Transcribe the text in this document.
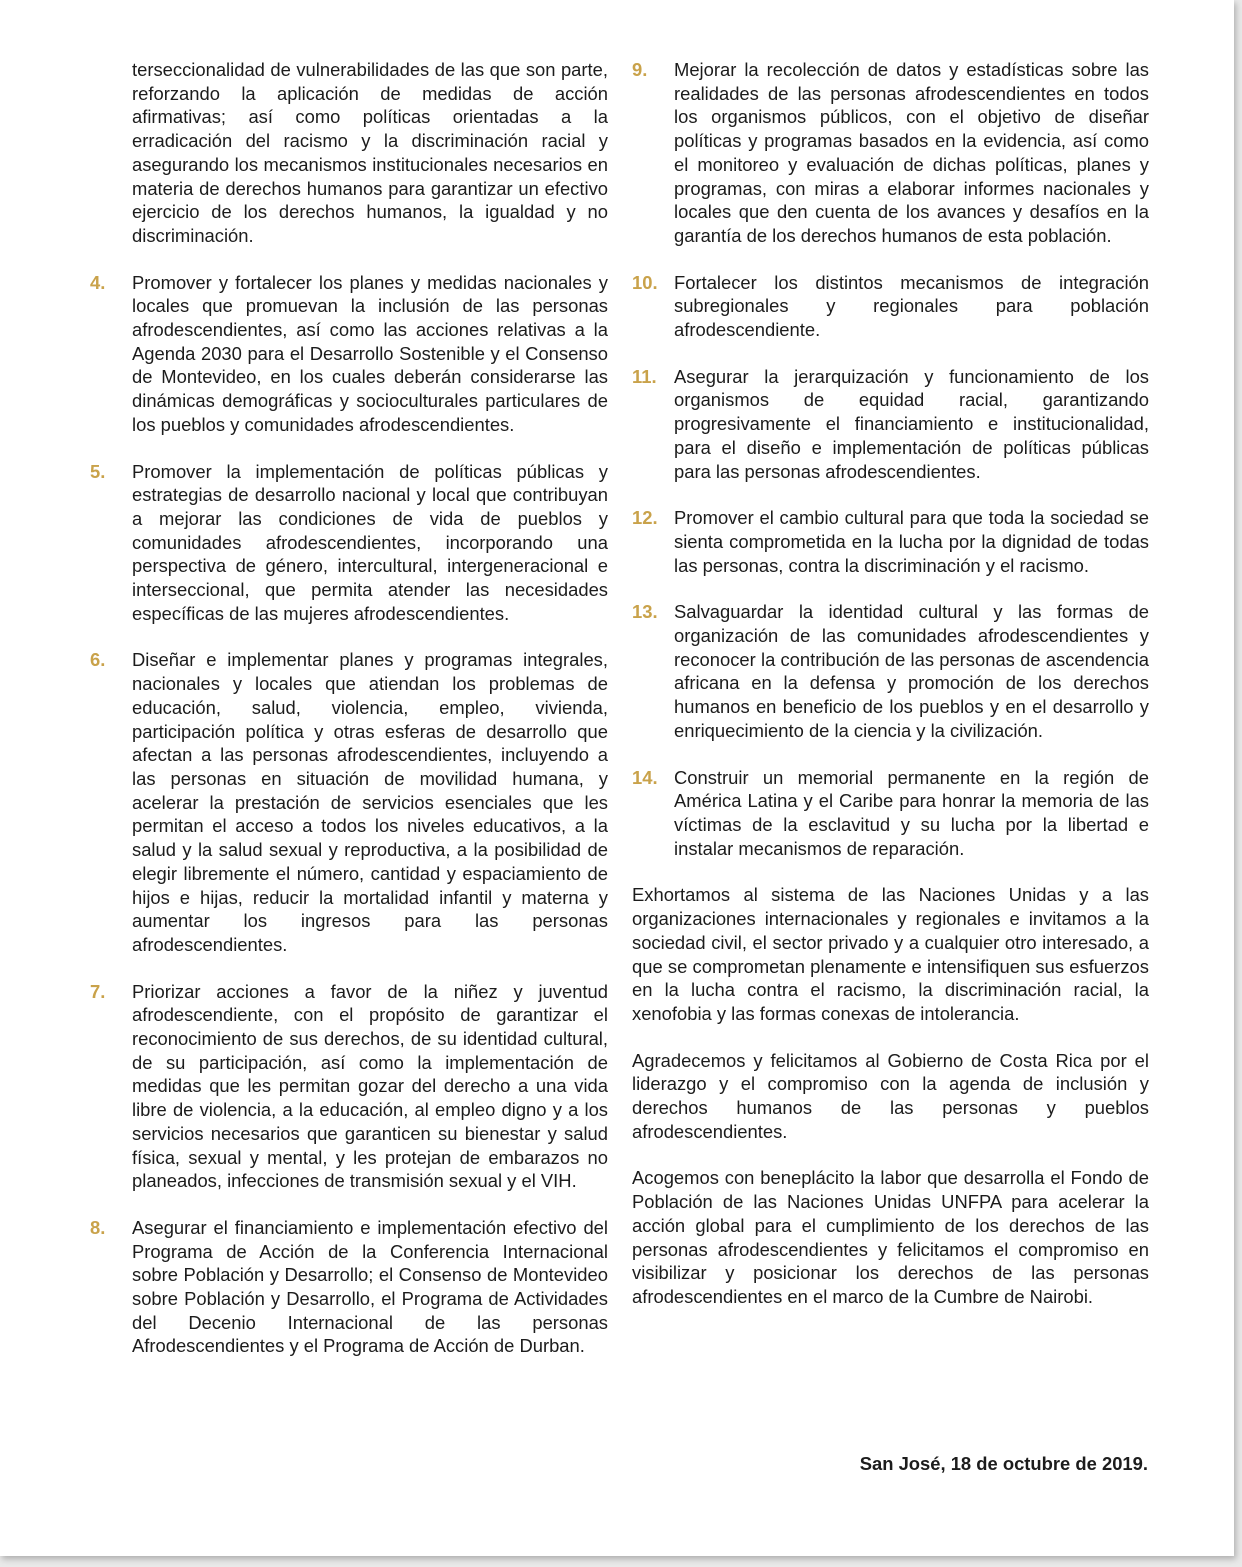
terseccionalidad de vulnerabilidades de las que son parte, reforzando la aplicación de medidas de acción afirmativas; así como políticas orientadas a la erradicación del racismo y la discriminación racial y asegurando los mecanismos institucionales necesarios en materia de derechos humanos para garantizar un efectivo ejercicio de los derechos humanos, la igualdad y no discriminación.
4.	Promover y fortalecer los planes y medidas nacionales y locales que promuevan la inclusión de las personas afrodescendientes, así como las acciones relativas a la Agenda 2030 para el Desarrollo Sostenible y el Consenso de Montevideo, en los cuales deberán considerarse las dinámicas demográficas y socioculturales particulares de los pueblos y comunidades afrodescendientes.
5.	Promover la implementación de políticas públicas y estrategias de desarrollo nacional y local que contribuyan a mejorar las condiciones de vida de pueblos y comunidades afrodescendientes, incorporando una perspectiva de género, intercultural, intergeneracional e interseccional, que permita atender las necesidades específicas de las mujeres afrodescendientes.
6.	Diseñar e implementar planes y programas integrales, nacionales y locales que atiendan los problemas de educación, salud, violencia, empleo, vivienda, participación política y otras esferas de desarrollo que afectan a las personas afrodescendientes, incluyendo a las personas en situación de movilidad humana, y acelerar la prestación de servicios esenciales que les permitan el acceso a todos los niveles educativos, a la salud y la salud sexual y reproductiva, a la posibilidad de elegir libremente el número, cantidad y espaciamiento de hijos e hijas, reducir la mortalidad infantil y materna y aumentar los ingresos para las personas afrodescendientes.
7.	Priorizar acciones a favor de la niñez y juventud afrodescendiente, con el propósito de garantizar el reconocimiento de sus derechos, de su identidad cultural, de su participación, así como la implementación de medidas que les permitan gozar del derecho a una vida libre de violencia, a la educación, al empleo digno y a los servicios necesarios que garanticen su bienestar y salud física, sexual y mental, y les protejan de embarazos no planeados, infecciones de transmisión sexual y el VIH.
8.	Asegurar el financiamiento e implementación efectivo del Programa de Acción de la Conferencia Internacional sobre Población y Desarrollo; el Consenso de Montevideo sobre Población y Desarrollo, el Programa de Actividades del Decenio Internacional de las personas Afrodescendientes y el Programa de Acción de Durban.
9.	Mejorar la recolección de datos y estadísticas sobre las realidades de las personas afrodescendientes en todos los organismos públicos, con el objetivo de diseñar políticas y programas basados en la evidencia, así como el monitoreo y evaluación de dichas políticas, planes y programas, con miras a elaborar informes nacionales y locales que den cuenta de los avances y desafíos en la garantía de los derechos humanos de esta población.
10. Fortalecer los distintos mecanismos de integración subregionales y regionales para población afrodescendiente.
11. Asegurar la jerarquización y funcionamiento de los organismos de equidad racial, garantizando progresivamente el financiamiento e institucionalidad, para el diseño e implementación de políticas públicas para las personas afrodescendientes.
12. Promover el cambio cultural para que toda la sociedad se sienta comprometida en la lucha por la dignidad de todas las personas, contra la discriminación y el racismo.
13. Salvaguardar la identidad cultural y las formas de organización de las comunidades afrodescendientes y reconocer la contribución de las personas de ascendencia africana en la defensa y promoción de los derechos humanos en beneficio de los pueblos y en el desarrollo y enriquecimiento de la ciencia y la civilización.
14. Construir un memorial permanente en la región de América Latina y el Caribe para honrar la memoria de las víctimas de la esclavitud y su lucha por la libertad e instalar mecanismos de reparación.

Exhortamos al sistema de las Naciones Unidas y a las organizaciones internacionales y regionales e invitamos a la sociedad civil, el sector privado y a cualquier otro interesado, a que se comprometan plenamente e intensifiquen sus esfuerzos en la lucha contra el racismo, la discriminación racial, la xenofobia y las formas conexas de intolerancia.

Agradecemos y felicitamos al Gobierno de Costa Rica por el liderazgo y el compromiso con la agenda de inclusión y derechos humanos de las personas y pueblos afrodescendientes.

Acogemos con beneplácito la labor que desarrolla el Fondo de Población de las Naciones Unidas UNFPA para acelerar la acción global para el cumplimiento de los derechos de las personas afrodescendientes y felicitamos el compromiso en visibilizar y posicionar los derechos de las personas afrodescendientes en el marco de la Cumbre de Nairobi.

San José, 18 de octubre de 2019.
